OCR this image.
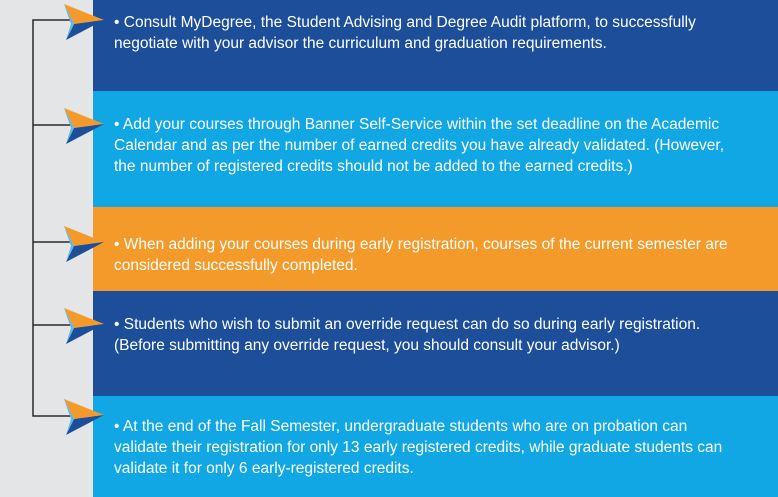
• Consult MyDegree, the Student Advising and Degree Audit platform, to successfully negotiate with your advisor the curriculum and graduation requirements.
• Add your courses through Banner Self-Service within the set deadline on the Academic Calendar and as per the number of earned credits you have already validated. (However, the number of registered credits should not be added to the earned credits.)
• When adding your courses during early registration, courses of the current semester are considered successfully completed.
• Students who wish to submit an override request can do so during early registration. (Before submitting any override request, you should consult your advisor.)
• At the end of the Fall Semester, undergraduate students who are on probation can validate their registration for only 13 early registered credits, while graduate students can validate it for only 6 early-registered credits.
